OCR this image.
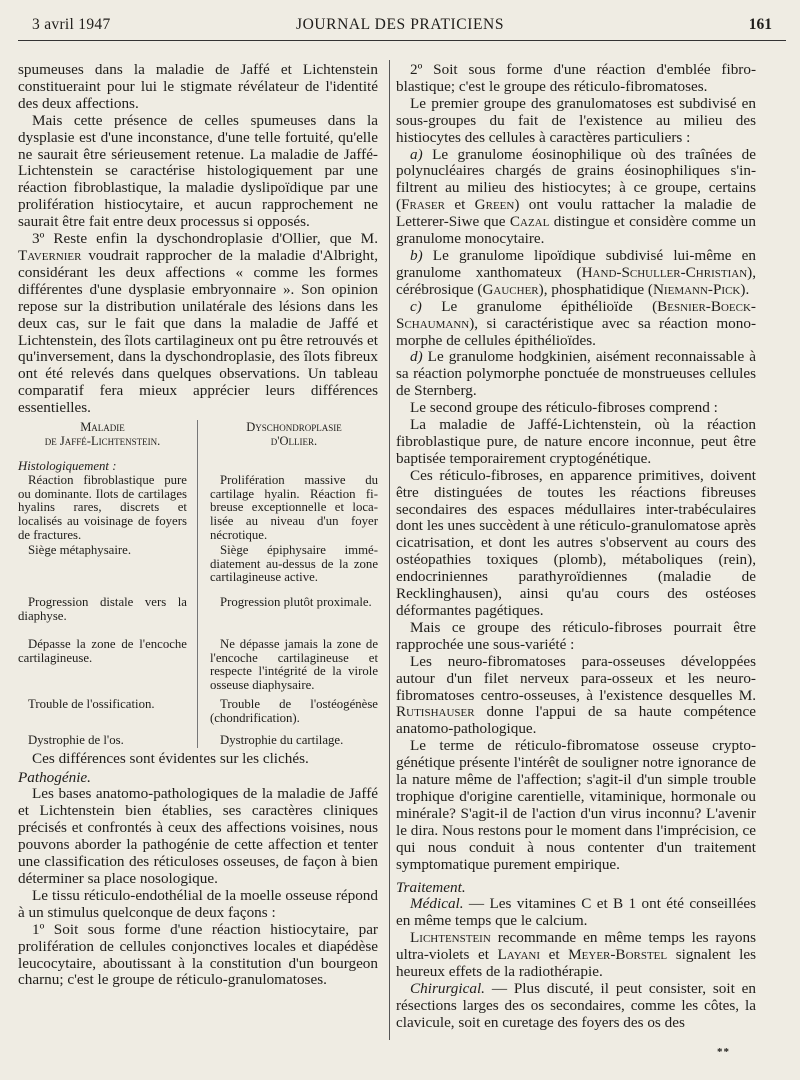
3 avril 1947	JOURNAL DES PRATICIENS	161

spumeuses dans la maladie de Jaffé et Lichtenstein constitueraint pour lui le stigmate révélateur de l'identité des deux affections.

Mais cette présence de celles spumeuses dans la dysplasie est d'une inconstance, d'une telle fortuité, qu'elle ne saurait être sérieusement retenue. La maladie de Jaffé-Lichtenstein se caractérise histologiquement par une réaction fibroblastique, la maladie dyslipoïdique par une prolifération histiocytaire, et aucun rapprochement ne saurait être fait entre deux processus si opposés.

3º Reste enfin la dyschondroplasie d'Ollier, que M. Tavernier voudrait rapprocher de la maladie d'Albright, considérant les deux affections « comme les formes différentes d'une dysplasie embryonnaire ». Son opinion repose sur la distribution unilatérale des lésions dans les deux cas, sur le fait que dans la maladie de Jaffé et Lichtenstein, des îlots cartilagineux ont pu être retrouvés et qu'inversement, dans la dyschondroplasie, des îlots fibreux ont été relevés dans quelques observations. Un tableau comparatif fera mieux apprécier leurs différences essentielles.

Maladie
de Jaffé-Lichtenstein.

Histologiquement :

Réaction fibroblastique pure ou dominante. Ilots de cartilages hyalins rares, discrets et localisés au voisinage de foyers de fractures.

Siège métaphysaire.

Progression distale vers la diaphyse.

Dépasse la zone de l'encoche cartilagineuse.

Trouble de l'ossification.

Dystrophie de l'os.

Dyschondroplasie
d'Ollier.

Prolifération massive du cartilage hyalin. Réaction fibreuse exceptionnelle et localisée au niveau d'un foyer nécrotique.

Siège épiphysaire immédiatement au-dessus de la zone cartilagineuse active.

Progression plutôt proximale.

Ne dépasse jamais la zone de l'encoche cartilagineuse et respecte l'intégrité de la virole osseuse diaphysaire.

Trouble de l'ostéogénèse (chondrification).

Dystrophie du cartilage.

Ces différences sont évidentes sur les clichés.

Pathogénie.

Les bases anatomo-pathologiques de la maladie de Jaffé et Lichtenstein bien établies, ses caractères cliniques précisés et confrontés à ceux des affections voisines, nous pouvons aborder la pathogénie de cette affection et tenter une classification des réticuloses osseuses, de façon à bien déterminer sa place nosologique.

Le tissu réticulo-endothélial de la moelle osseuse répond à un stimulus quelconque de deux façons :

1º Soit sous forme d'une réaction histiocytaire, par prolifération de cellules conjonctives locales et diapédèse leucocytaire, aboutissant à la constitution d'un bourgeon charnu; c'est le groupe de réticulo-granulomatoses.

2º Soit sous forme d'une réaction d'emblée fibroblastique; c'est le groupe des réticulo-fibromatoses.

Le premier groupe des granulomatoses est subdivisé en sous-groupes du fait de l'existence au milieu des histiocytes des cellules à caractères particuliers :

a) Le granulome éosinophilique où des traînées de polynucléaires chargés de grains éosinophiliques s'infiltrent au milieu des histiocytes; à ce groupe, certains (Fraser et Green) ont voulu rattacher la maladie de Letterer-Siwe que Cazal distingue et considère comme un granulome monocytaire.

b) Le granulome lipoïdique subdivisé lui-même en granulome xanthomateux (Hand-Schuller-Christian), cérébrosique (Gaucher), phosphatidique (Niemann-Pick).

c) Le granulome épithélioïde (Besnier-Boeck-Schaumann), si caractéristique avec sa réaction monomorphe de cellules épithélioïdes.

d) Le granulome hodgkinien, aisément reconnaissable à sa réaction polymorphe ponctuée de monstrueuses cellules de Sternberg.

Le second groupe des réticulo-fibroses comprend :

La maladie de Jaffé-Lichtenstein, où la réaction fibroblastique pure, de nature encore inconnue, peut être baptisée temporairement cryptogénétique.

Ces réticulo-fibroses, en apparence primitives, doivent être distinguées de toutes les réactions fibreuses secondaires des espaces médullaires inter-trabéculaires dont les unes succèdent à une réticulo-granulomatose après cicatrisation, et dont les autres s'observent au cours des ostéopathies toxiques (plomb), métaboliques (rein), endocriniennes parathyroïdiennes (maladie de Recklinghausen), ainsi qu'au cours des ostéoses déformantes pagétiques.

Mais ce groupe des réticulo-fibroses pourrait être rapprochée une sous-variété :

Les neuro-fibromatoses para-osseuses développées autour d'un filet nerveux para-osseux et les neuro-fibromatoses centro-osseuses, à l'existence desquelles M. Rutishauser donne l'appui de sa haute compétence anatomo-pathologique.

Le terme de réticulo-fibromatose osseuse cryptogénétique présente l'intérêt de souligner notre ignorance de la nature même de l'affection; s'agit-il d'un simple trouble trophique d'origine carentielle, vitaminique, hormonale ou minérale? S'agit-il de l'action d'un virus inconnu? L'avenir le dira. Nous restons pour le moment dans l'imprécision, ce qui nous conduit à nous contenter d'un traitement symptomatique purement empirique.

Traitement.

Médical. — Les vitamines C et B 1 ont été conseillées en même temps que le calcium.

Lichtenstein recommande en même temps les rayons ultra-violets et Layani et Meyer-Borstel signalent les heureux effets de la radiothérapie.

Chirurgical. — Plus discuté, il peut consister, soit en résections larges des os secondaires, comme les côtes, la clavicule, soit en curetage des foyers des os des

**
